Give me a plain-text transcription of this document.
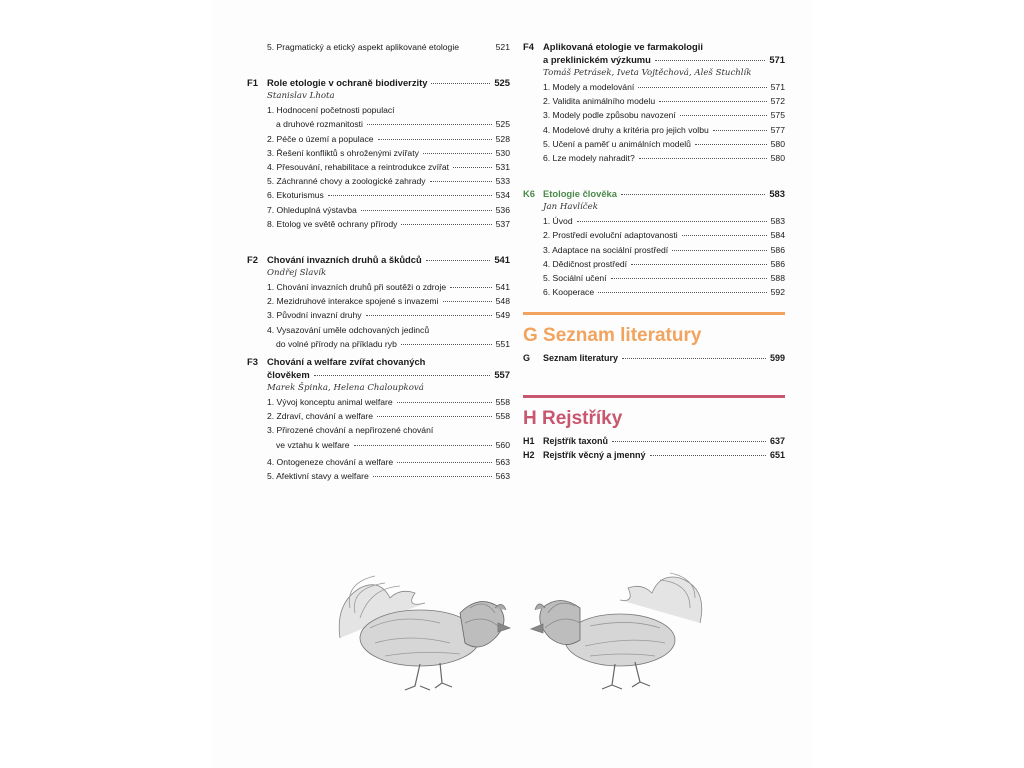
5. Pragmatický a etický aspekt aplikované etologie	521
F1 Role etologie v ochraně biodiverzity	525
Stanislav Lhota
1. Hodnocení početnosti populací
a druhové rozmanitosti	525
2. Péče o území a populace	528
3. Řešení konfliktů s ohroženými zvířaty	530
4. Přesouvání, rehabilitace a reintrodukce zvířat	531
5. Záchranné chovy a zoologické zahrady	533
6. Ekoturismus	534
7. Ohleduplná výstavba	536
8. Etolog ve světě ochrany přírody	537
F2 Chování invazních druhů a škůdců	541
Ondřej Slavík
1. Chování invazních druhů při soutěži o zdroje	541
2. Mezidruhové interakce spojené s invazemi	548
3. Původní invazní druhy	549
4. Vysazování uměle odchovaných jedinců
do volné přírody na příkladu ryb	551
F3 Chování a welfare zvířat chovaných
člověkem	557
Marek Špinka, Helena Chaloupková
1. Vývoj konceptu animal welfare	558
2. Zdraví, chování a welfare	558
3. Přirozené chování a nepřirozené chování
ve vztahu k welfare	560
4. Ontogeneze chování a welfare	563
5. Afektivní stavy a welfare	563
F4 Aplikovaná etologie ve farmakologii
a preklinickém výzkumu	571
Tomáš Petrásek, Iveta Vojtěchová, Aleš Stuchlík
1. Modely a modelování	571
2. Validita animálního modelu	572
3. Modely podle způsobu navození	575
4. Modelové druhy a kritéria pro jejich volbu	577
5. Učení a paměť u animálních modelů	580
6. Lze modely nahradit?	580
K6 Etologie člověka	583
Jan Havlíček
1. Úvod	583
2. Prostředí evoluční adaptovanosti	584
3. Adaptace na sociální prostředí	586
4. Dědičnost prostředí	586
5. Sociální učení	588
6. Kooperace	592
G Seznam literatury
G	Seznam literatury	599
H Rejstříky
H1 Rejstřík taxonů	637
H2 Rejstřík věcný a jmenný	651
